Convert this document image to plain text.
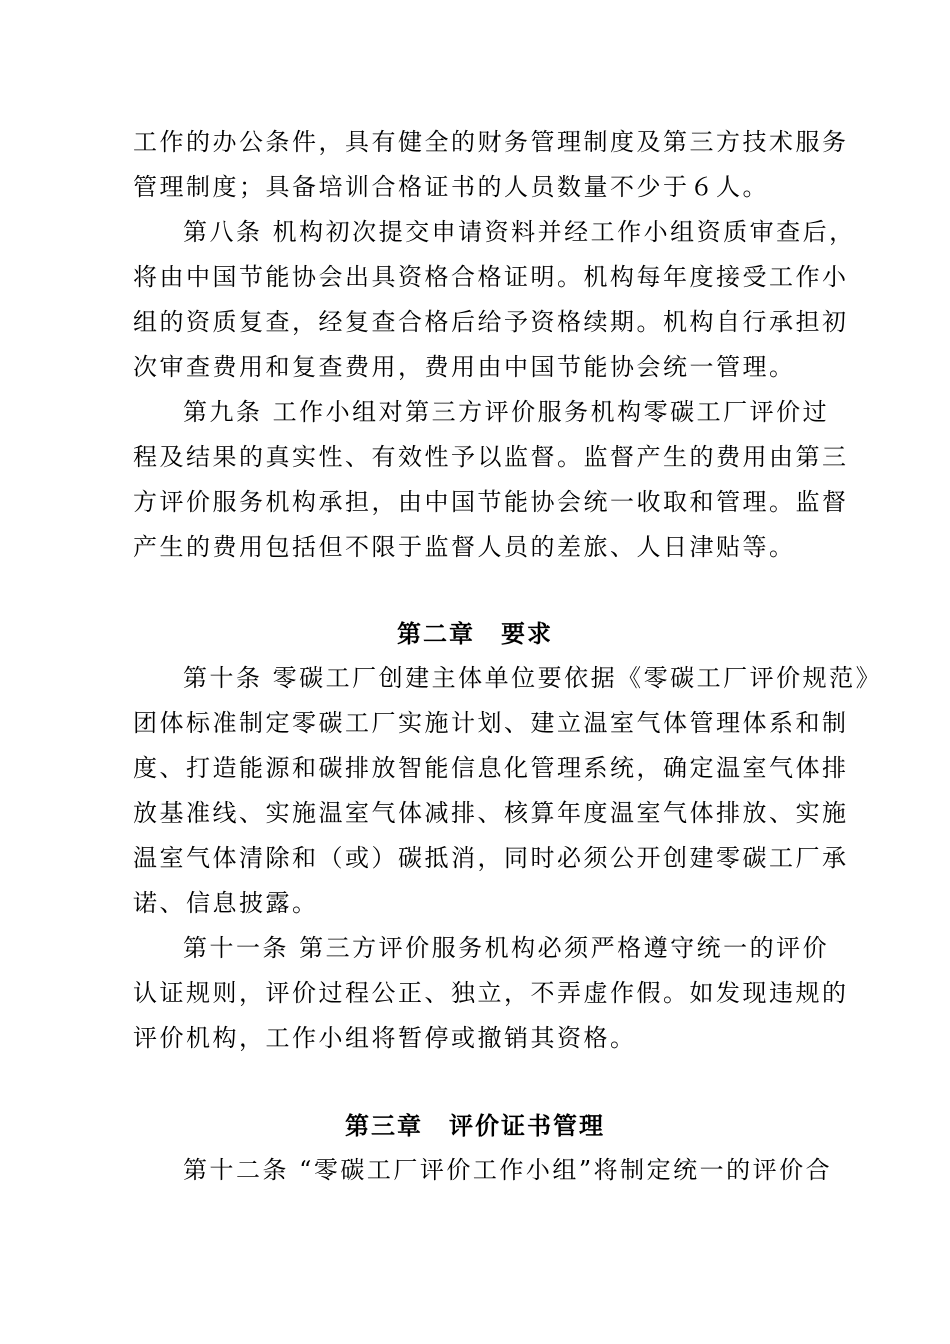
工作的办公条件，具有健全的财务管理制度及第三方技术服务
管理制度；具备培训合格证书的人员数量不少于６人。
第八条 机构初次提交申请资料并经工作小组资质审查后，
将由中国节能协会出具资格合格证明。机构每年度接受工作小
组的资质复查，经复查合格后给予资格续期。机构自行承担初
次审查费用和复查费用，费用由中国节能协会统一管理。
第九条 工作小组对第三方评价服务机构零碳工厂评价过
程及结果的真实性、有效性予以监督。监督产生的费用由第三
方评价服务机构承担，由中国节能协会统一收取和管理。监督
产生的费用包括但不限于监督人员的差旅、人日津贴等。
第二章　要求
第十条 零碳工厂创建主体单位要依据《零碳工厂评价规范》
团体标准制定零碳工厂实施计划、建立温室气体管理体系和制
度、打造能源和碳排放智能信息化管理系统，确定温室气体排
放基准线、实施温室气体减排、核算年度温室气体排放、实施
温室气体清除和（或）碳抵消，同时必须公开创建零碳工厂承
诺、信息披露。
第十一条 第三方评价服务机构必须严格遵守统一的评价
认证规则，评价过程公正、独立，不弄虚作假。如发现违规的
评价机构，工作小组将暂停或撤销其资格。
第三章　评价证书管理
第十二条 “零碳工厂评价工作小组”将制定统一的评价合
